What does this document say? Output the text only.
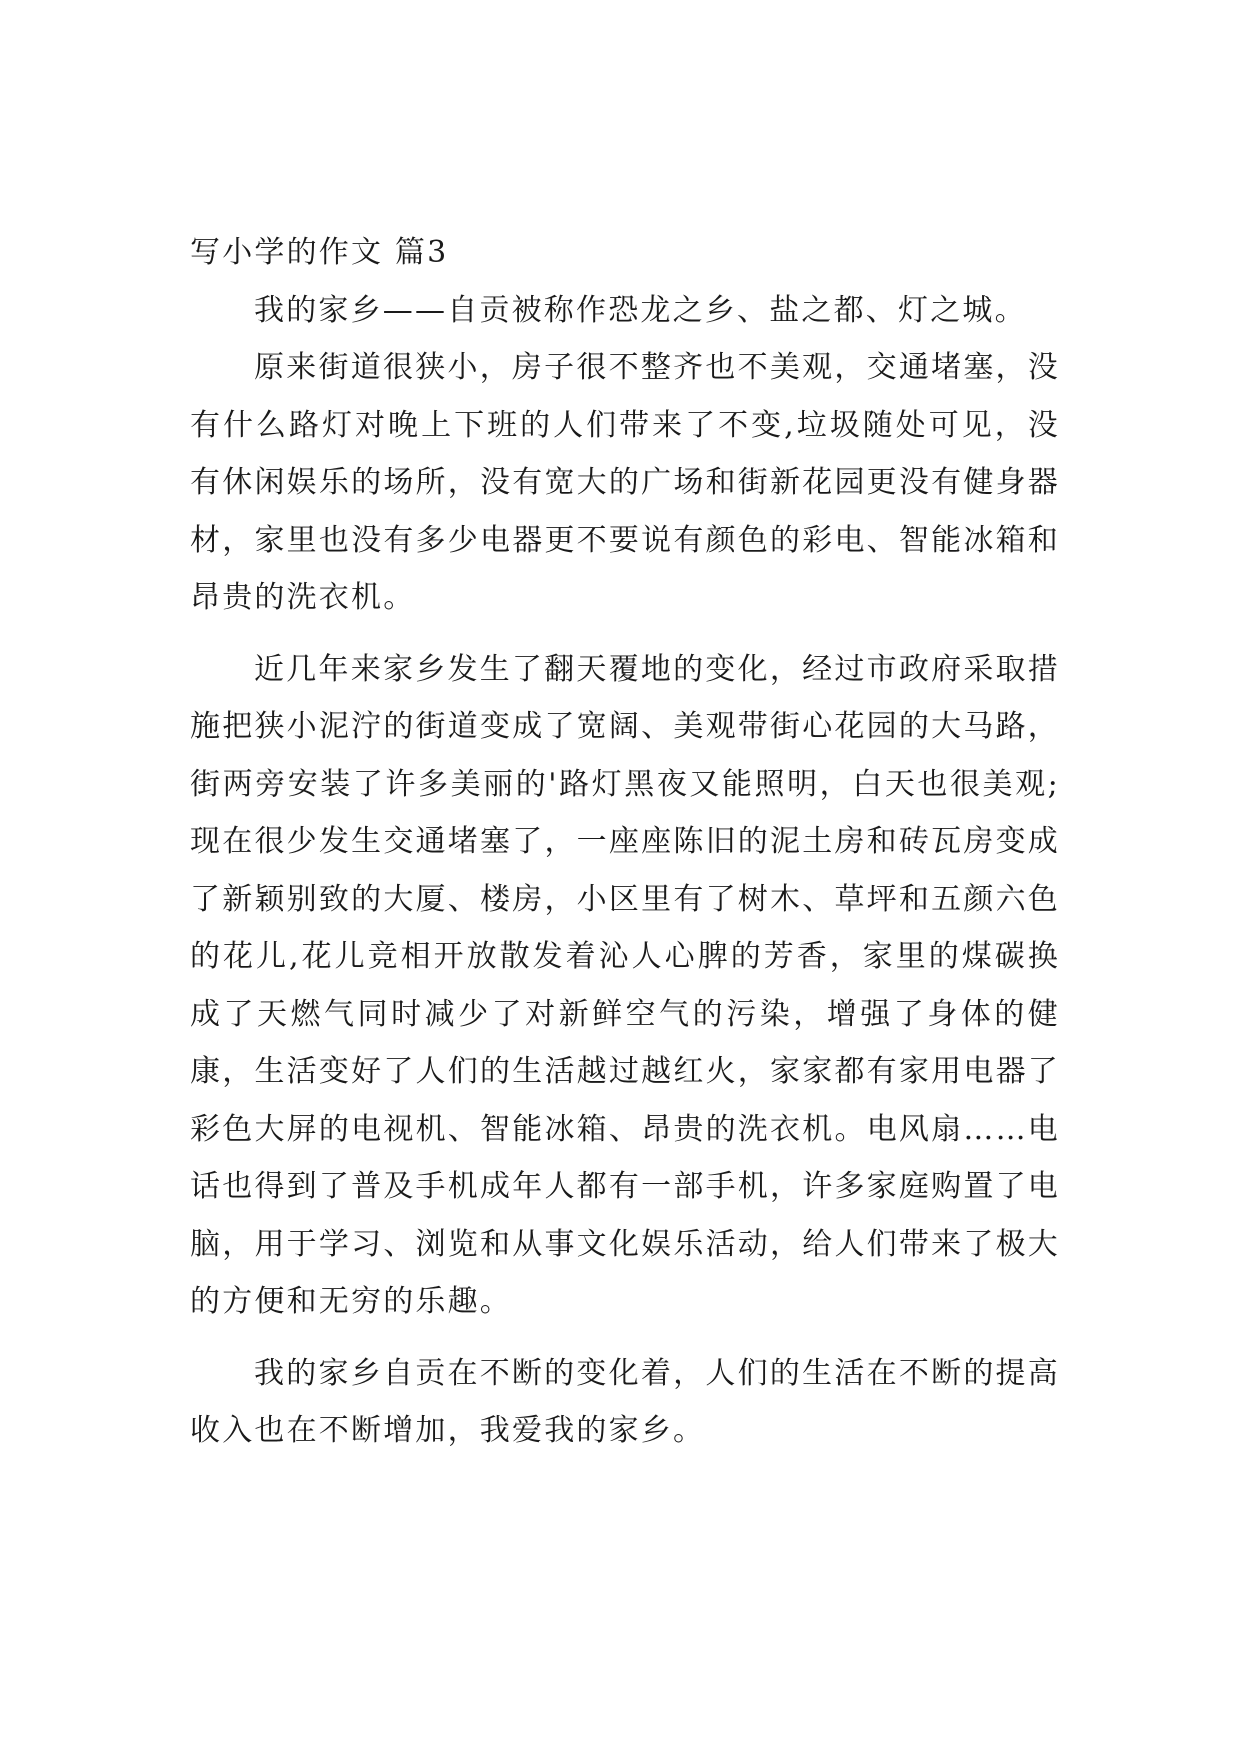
写小学的作文 篇3

我的家乡——自贡被称作恐龙之乡、盐之都、灯之城。

原来街道很狭小，房子很不整齐也不美观，交通堵塞，没有什么路灯对晚上下班的人们带来了不变,垃圾随处可见，没有休闲娱乐的场所，没有宽大的广场和街新花园更没有健身器材，家里也没有多少电器更不要说有颜色的彩电、智能冰箱和昂贵的洗衣机。

近几年来家乡发生了翻天覆地的变化，经过市政府采取措施把狭小泥泞的街道变成了宽阔、美观带街心花园的大马路，街两旁安装了许多美丽的'路灯黑夜又能照明，白天也很美观;现在很少发生交通堵塞了，一座座陈旧的泥土房和砖瓦房变成了新颖别致的大厦、楼房，小区里有了树木、草坪和五颜六色的花儿,花儿竞相开放散发着沁人心脾的芳香，家里的煤碳换成了天燃气同时减少了对新鲜空气的污染，增强了身体的健康，生活变好了人们的生活越过越红火，家家都有家用电器了彩色大屏的电视机、智能冰箱、昂贵的洗衣机。电风扇……电话也得到了普及手机成年人都有一部手机，许多家庭购置了电脑，用于学习、浏览和从事文化娱乐活动，给人们带来了极大的方便和无穷的乐趣。

我的家乡自贡在不断的变化着，人们的生活在不断的提高收入也在不断增加，我爱我的家乡。
